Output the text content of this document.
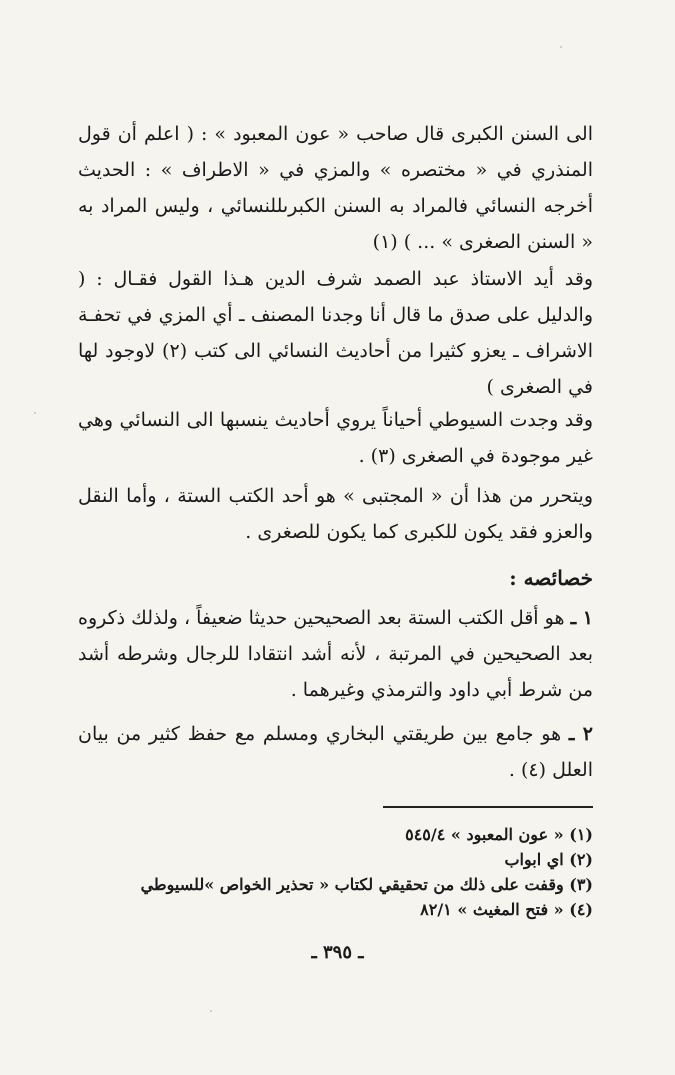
الى السنن الكبرى قال صاحب « عون المعبود » : ( اعلم أن قول المنذري في « مختصره » والمزي في « الاطراف » : الحديث أخرجه النسائي فالمراد به السنن الكبرىللنسائي ، وليس المراد به « السنن الصغرى » ... ) (١)

وقد أيد الاستاذ عبد الصمد شرف الدين هـذا القول فقـال : ( والدليل على صدق ما قال أنا وجدنا المصنف ـ أي المزي في تحفـة الاشراف ـ يعزو كثيرا من أحاديث النسائي الى كتب (٢) لاوجود لها في الصغرى )

وقد وجدت السيوطي أحياناً يروي أحاديث ينسبها الى النسائي وهي غير موجودة في الصغرى (٣) .

ويتحرر من هذا أن « المجتبى » هو أحد الكتب الستة ، وأما النقل والعزو فقد يكون للكبرى كما يكون للصغرى .

خصائصه :
١ ـ هو أقل الكتب الستة بعد الصحيحين حديثا ضعيفاً ، ولذلك ذكروه بعد الصحيحين في المرتبة ، لأنه أشد انتقادا للرجال وشرطه أشد من شرط أبي داود والترمذي وغيرهما .
٢ ـ هو جامع بين طريقتي البخاري ومسلم مع حفظ كثير من بيان العلل (٤) .
(١) « عون المعبود » ٥٤٥/٤
(٢) اي ابواب
(٣) وقفت على ذلك من تحقيقي لكتاب « تحذير الخواص »للسيوطي
(٤) « فتح المغيث » ٨٢/١
ـ ٣٩٥ ـ
